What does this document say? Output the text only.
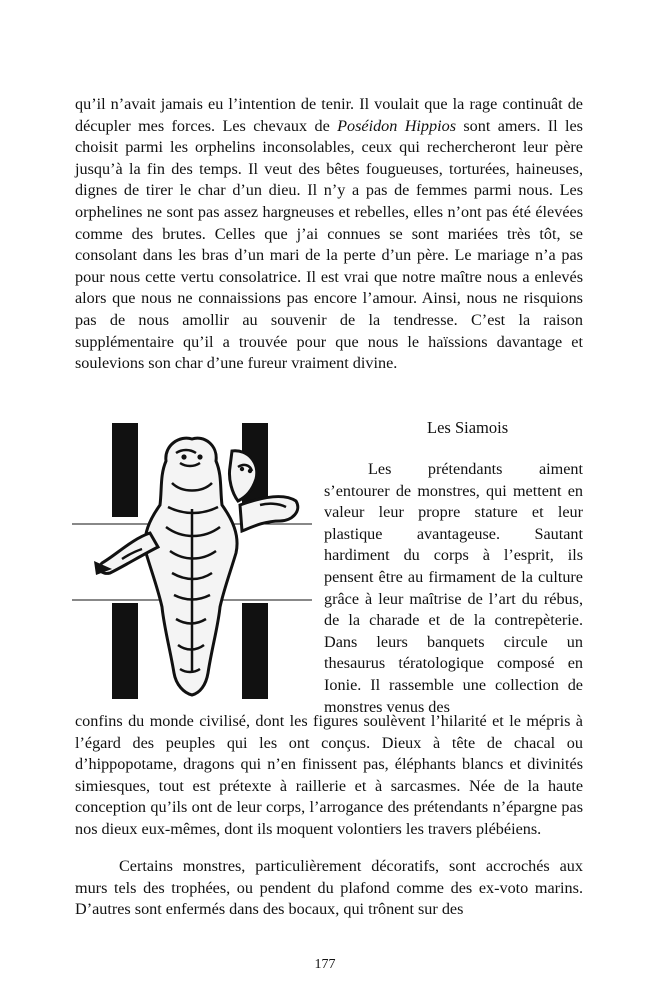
qu’il n’avait jamais eu l’intention de tenir. Il voulait que la rage continuât de décupler mes forces. Les chevaux de Poséidon Hippios sont amers. Il les choisit parmi les orphelins inconsolables, ceux qui rechercheront leur père jusqu’à la fin des temps. Il veut des bêtes fougueuses, torturées, haineuses, dignes de tirer le char d’un dieu. Il n’y a pas de femmes parmi nous. Les orphelines ne sont pas assez hargneuses et rebelles, elles n’ont pas été élevées comme des brutes. Celles que j’ai connues se sont mariées très tôt, se consolant dans les bras d’un mari de la perte d’un père. Le mariage n’a pas pour nous cette vertu consolatrice. Il est vrai que notre maître nous a enlevés alors que nous ne connaissions pas encore l’amour. Ainsi, nous ne risquions pas de nous amollir au souvenir de la tendresse. C’est la raison supplémentaire qu’il a trouvée pour que nous le haïssions davantage et soulevions son char d’une fureur vraiment divine.

Les Siamois

Les prétendants aiment s’entourer de monstres, qui mettent en valeur leur propre stature et leur plastique avantageuse. Sautant hardiment du corps à l’esprit, ils pensent être au firmament de la culture grâce à leur maîtrise de l’art du rébus, de la charade et de la contrepèterie. Dans leurs banquets circule un thesaurus tératologique composé en Ionie. Il rassemble une collection de monstres venus des

confins du monde civilisé, dont les figures soulèvent l’hilarité et le mépris à l’égard des peuples qui les ont conçus. Dieux à tête de chacal ou d’hippopotame, dragons qui n’en finissent pas, éléphants blancs et divinités simiesques, tout est prétexte à raillerie et à sarcasmes. Née de la haute conception qu’ils ont de leur corps, l’arrogance des prétendants n’épargne pas nos dieux eux-mêmes, dont ils moquent volontiers les travers plébéiens.

Certains monstres, particulièrement décoratifs, sont accrochés aux murs tels des trophées, ou pendent du plafond comme des ex-voto marins. D’autres sont enfermés dans des bocaux, qui trônent sur des

177
